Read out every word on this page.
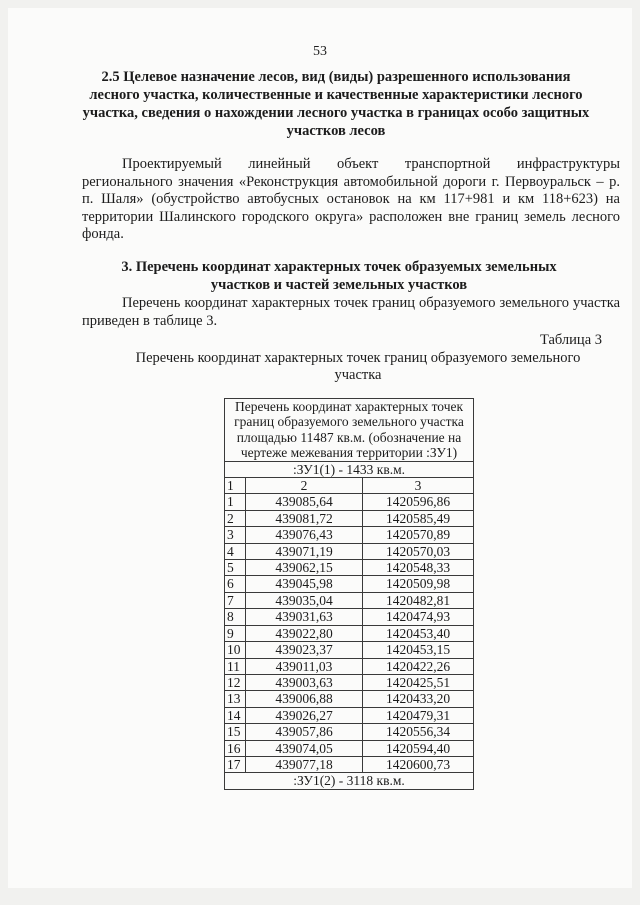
53
2.5 Целевое назначение лесов, вид (виды) разрешенного использования лесного участка, количественные и качественные характеристики лесного участка, сведения о нахождении лесного участка в границах особо защитных участков лесов
Проектируемый линейный объект транспортной инфраструктуры регионального значения «Реконструкция автомобильной дороги г. Первоуральск – р. п. Шаля» (обустройство автобусных остановок на км 117+981 и км 118+623) на территории Шалинского городского округа» расположен вне границ земель лесного фонда.
3. Перечень координат характерных точек образуемых земельных участков и частей земельных участков
Перечень координат характерных точек границ образуемого земельного участка приведен в таблице 3.
Таблица 3
Перечень координат характерных точек границ образуемого земельного участка
Перечень координат характерных точек границ образуемого земельного участка площадью 11487 кв.м. (обозначение на чертеже межевания территории :ЗУ1)		
:ЗУ1(1) - 1433 кв.м.		
1	2	3
1	439085,64	1420596,86
2	439081,72	1420585,49
3	439076,43	1420570,89
4	439071,19	1420570,03
5	439062,15	1420548,33
6	439045,98	1420509,98
7	439035,04	1420482,81
8	439031,63	1420474,93
9	439022,80	1420453,40
10	439023,37	1420453,15
11	439011,03	1420422,26
12	439003,63	1420425,51
13	439006,88	1420433,20
14	439026,27	1420479,31
15	439057,86	1420556,34
16	439074,05	1420594,40
17	439077,18	1420600,73
:ЗУ1(2) - 3118 кв.м.		
